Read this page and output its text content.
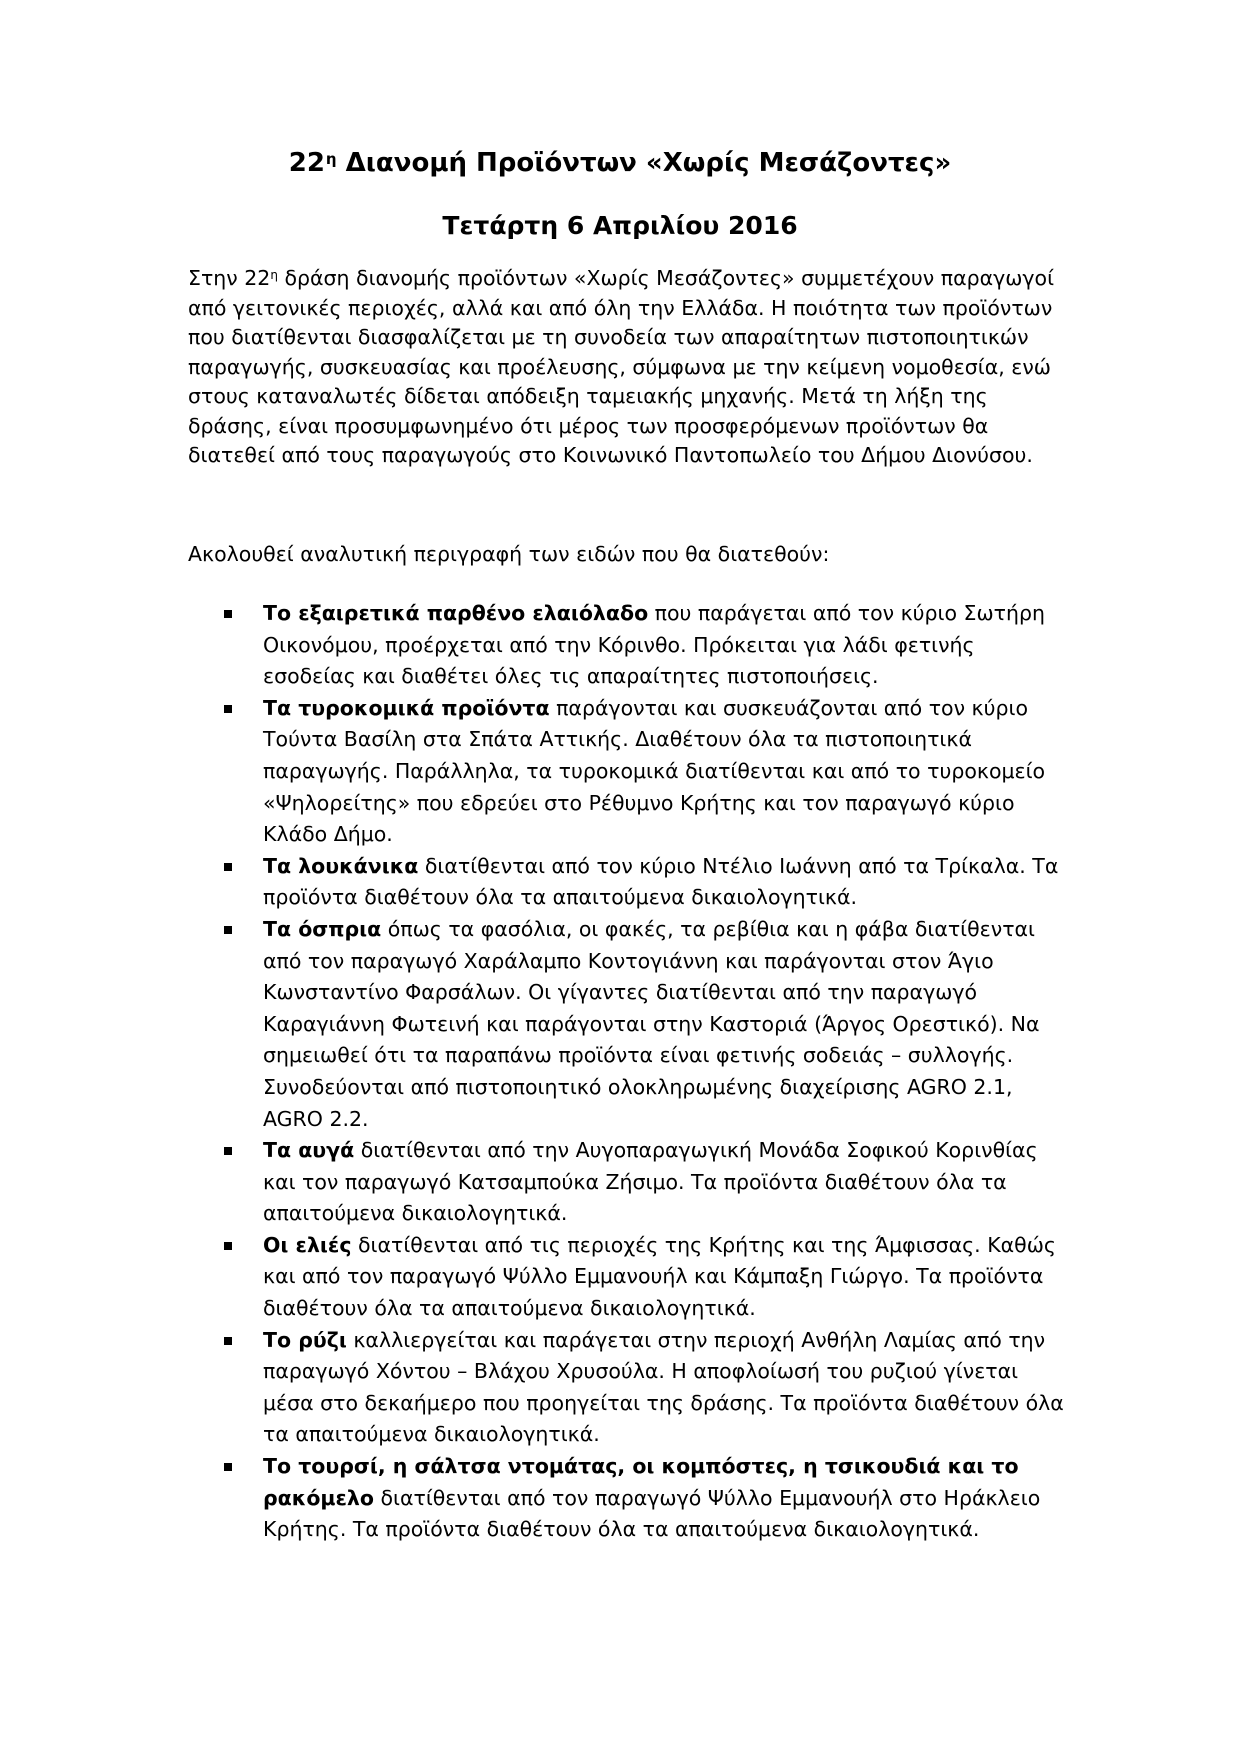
$22^\eta$ Διανομή Προϊόντων «Χωρίς Μεσάζοντες»
Τετάρτη 6 Απριλίου 2016

Στην $22^\eta$ δράση διανομής προϊόντων «Χωρίς Μεσάζοντες» συμμετέχουν παραγωγοί από γειτονικές περιοχές, αλλά και από όλη την Ελλάδα. Η ποιότητα των προϊόντων που διατίθενται διασφαλίζεται με τη συνοδεία των απαραίτητων πιστοποιητικών παραγωγής, συσκευασίας και προέλευσης, σύμφωνα με την κείμενη νομοθεσία, ενώ στους καταναλωτές δίδεται απόδειξη ταμειακής μηχανής. Μετά τη λήξη της δράσης, είναι προσυμφωνημένο ότι μέρος των προσφερόμενων προϊόντων θα διατεθεί από τους παραγωγούς στο Κοινωνικό Παντοπωλείο του Δήμου Διονύσου.

Ακολουθεί αναλυτική περιγραφή των ειδών που θα διατεθούν:

Το εξαιρετικά παρθένο ελαιόλαδο που παράγεται από τον κύριο Σωτήρη Οικονόμου, προέρχεται από την Κόρινθο. Πρόκειται για λάδι φετινής εσοδείας και διαθέτει όλες τις απαραίτητες πιστοποιήσεις.
Τα τυροκομικά προϊόντα παράγονται και συσκευάζονται από τον κύριο Τούντα Βασίλη στα Σπάτα Αττικής. Διαθέτουν όλα τα πιστοποιητικά παραγωγής. Παράλληλα, τα τυροκομικά διατίθενται και από το τυροκομείο «Ψηλορείτης» που εδρεύει στο Ρέθυμνο Κρήτης και τον παραγωγό κύριο Κλάδο Δήμο.
Τα λουκάνικα διατίθενται από τον κύριο Ντέλιο Ιωάννη από τα Τρίκαλα. Τα προϊόντα διαθέτουν όλα τα απαιτούμενα δικαιολογητικά.
Τα όσπρια όπως τα φασόλια, οι φακές, τα ρεβίθια και η φάβα διατίθενται από τον παραγωγό Χαράλαμπο Κοντογιάννη και παράγονται στον Άγιο Κωνσταντίνο Φαρσάλων. Οι γίγαντες διατίθενται από την παραγωγό Καραγιάννη Φωτεινή και παράγονται στην Καστοριά (Άργος Ορεστικό). Να σημειωθεί ότι τα παραπάνω προϊόντα είναι φετινής σοδειάς – συλλογής. Συνοδεύονται από πιστοποιητικό ολοκληρωμένης διαχείρισης AGRO 2.1, AGRO 2.2.
Τα αυγά διατίθενται από την Αυγοπαραγωγική Μονάδα Σοφικού Κορινθίας και τον παραγωγό Κατσαμπούκα Ζήσιμο. Τα προϊόντα διαθέτουν όλα τα απαιτούμενα δικαιολογητικά.
Οι ελιές διατίθενται από τις περιοχές της Κρήτης και της Άμφισσας. Καθώς και από τον παραγωγό Ψύλλο Εμμανουήλ και Κάμπαξη Γιώργο. Τα προϊόντα διαθέτουν όλα τα απαιτούμενα δικαιολογητικά.
Το ρύζι καλλιεργείται και παράγεται στην περιοχή Ανθήλη Λαμίας από την παραγωγό Χόντου – Βλάχου Χρυσούλα. Η αποφλοίωσή του ρυζιού γίνεται μέσα στο δεκαήμερο που προηγείται της δράσης. Τα προϊόντα διαθέτουν όλα τα απαιτούμενα δικαιολογητικά.
Το τουρσί, η σάλτσα ντομάτας, οι κομπόστες, η τσικουδιά και το ρακόμελο διατίθενται από τον παραγωγό Ψύλλο Εμμανουήλ στο Ηράκλειο Κρήτης. Τα προϊόντα διαθέτουν όλα τα απαιτούμενα δικαιολογητικά.
